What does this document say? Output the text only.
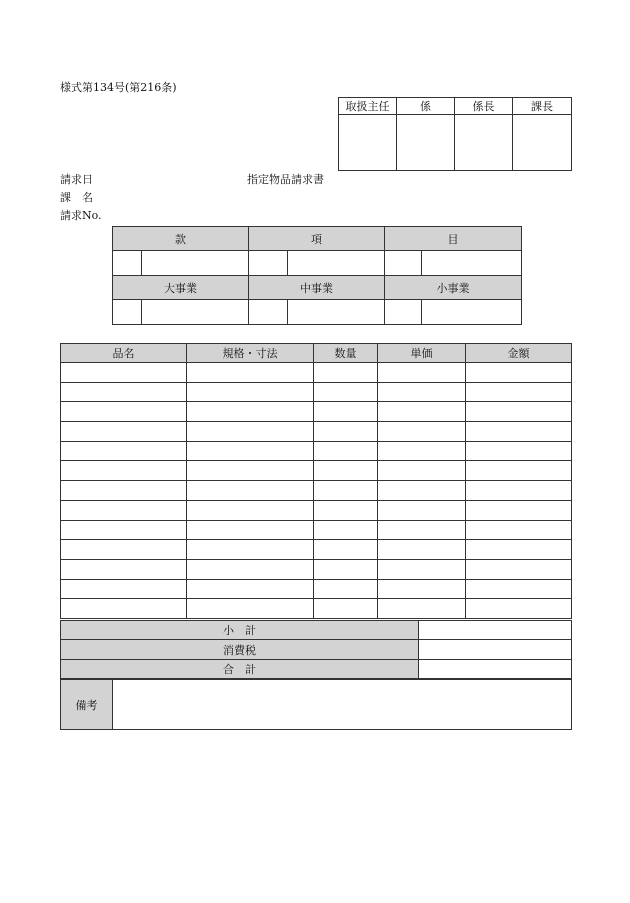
様式第134号(第216条)
取扱主任	係	係長	課長

請求日	指定物品請求書
課　名
請求No.
款		項		目	

大事業		中事業		小事業	

品名	規格・寸法	数量	単価	金額

小　計	
消費税	
合　計	
備考	
